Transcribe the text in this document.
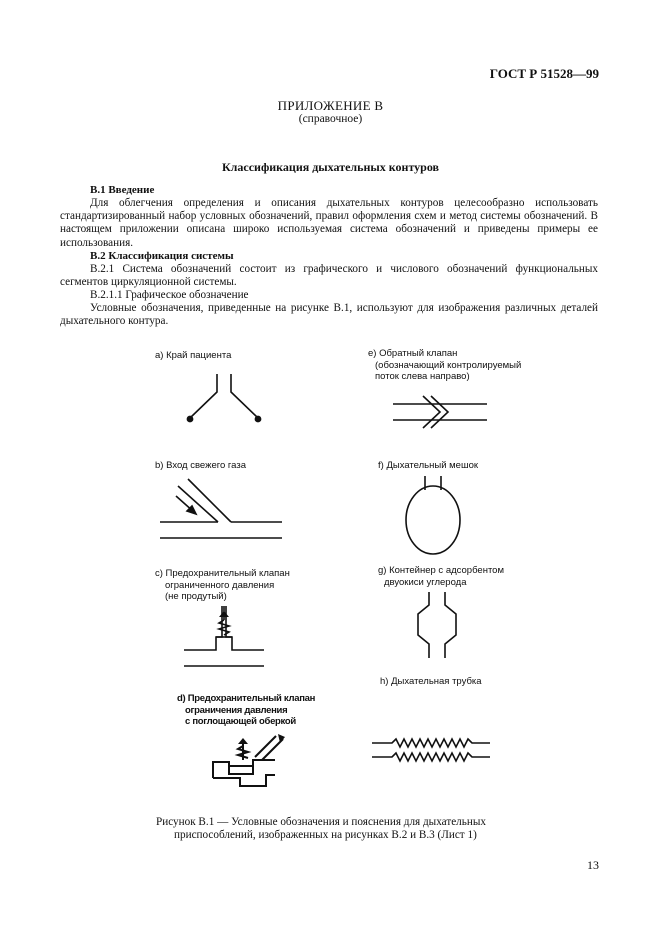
ГОСТ Р 51528—99
ПРИЛОЖЕНИЕ В
(справочное)
Классификация дыхательных контуров
В.1 Введение
Для облегчения определения и описания дыхательных контуров целесообразно использовать стандартизированный набор условных обозначений, правил оформления схем и метод системы обозначений. В настоящем приложении описана широко используемая система обозначений и приведены примеры ее использования.
В.2 Классификация системы
В.2.1 Система обозначений состоит из графического и числового обозначений функциональных сегментов циркуляционной системы.
В.2.1.1 Графическое обозначение
Условные обозначения, приведенные на рисунке В.1, используют для изображения различных деталей дыхательного контура.
а) Край пациента
b) Вход свежего газа
с) Предохранительный клапан
ограниченного давления
(не продутый)
d) Предохранительный клапан
ограничения давления
с поглощающей оберкой
е) Обратный клапан
(обозначающий контролируемый
поток слева направо)
f) Дыхательный мешок
g) Контейнер с адсорбентом
двуокиси углерода
h) Дыхательная трубка
Рисунок В.1 — Условные обозначения и пояснения для дыхательных
приспособлений, изображенных на рисунках В.2 и В.3 (Лист 1)
13
